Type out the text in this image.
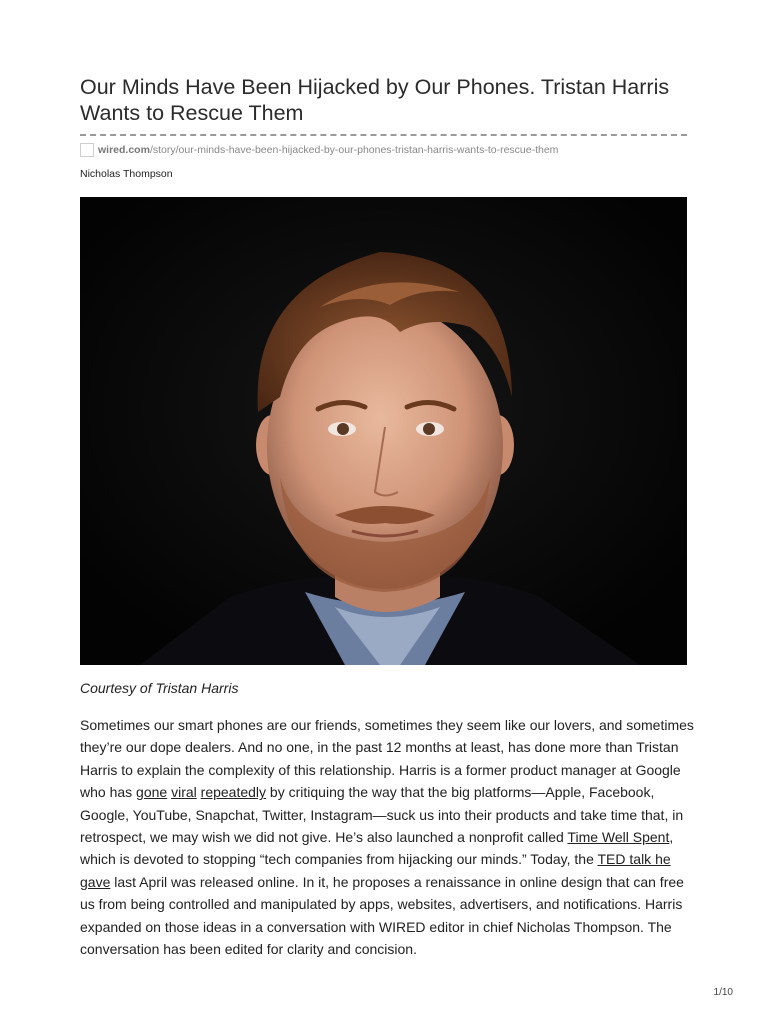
Our Minds Have Been Hijacked by Our Phones. Tristan Harris Wants to Rescue Them
wired.com/story/our-minds-have-been-hijacked-by-our-phones-tristan-harris-wants-to-rescue-them
Nicholas Thompson
Courtesy of Tristan Harris

Sometimes our smart phones are our friends, sometimes they seem like our lovers, and sometimes they’re our dope dealers. And no one, in the past 12 months at least, has done more than Tristan Harris to explain the complexity of this relationship. Harris is a former product manager at Google who has gone viral repeatedly by critiquing the way that the big platforms—Apple, Facebook, Google, YouTube, Snapchat, Twitter, Instagram—suck us into their products and take time that, in retrospect, we may wish we did not give. He’s also launched a nonprofit called Time Well Spent, which is devoted to stopping “tech companies from hijacking our minds.” Today, the TED talk he gave last April was released online. In it, he proposes a renaissance in online design that can free us from being controlled and manipulated by apps, websites, advertisers, and notifications. Harris expanded on those ideas in a conversation with WIRED editor in chief Nicholas Thompson. The conversation has been edited for clarity and concision.

1/10
